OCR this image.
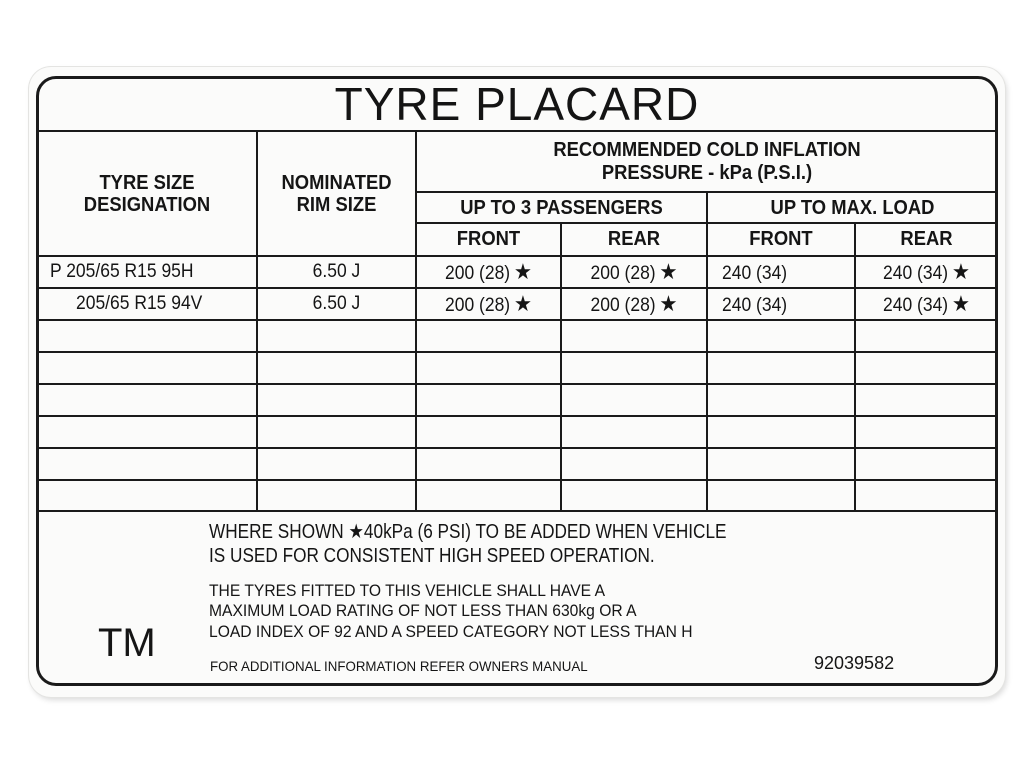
TYRE PLACARD
TYRE SIZE
DESIGNATION
NOMINATED
RIM SIZE
RECOMMENDED COLD INFLATION
PRESSURE - kPa (P.S.I.)
UP TO 3 PASSENGERS	UP TO MAX. LOAD
FRONT	REAR	FRONT	REAR
P 205/65 R15 95H	6.50 J	200 (28) ★	200 (28) ★	240 (34)	240 (34) ★
205/65 R15 94V	6.50 J	200 (28) ★	200 (28) ★	240 (34)	240 (34) ★
WHERE SHOWN ★40kPa (6 PSI) TO BE ADDED WHEN VEHICLE
IS USED FOR CONSISTENT HIGH SPEED OPERATION.
THE TYRES FITTED TO THIS VEHICLE SHALL HAVE A
MAXIMUM LOAD RATING OF NOT LESS THAN 630kg OR A
LOAD INDEX OF 92 AND A SPEED CATEGORY NOT LESS THAN H
TM
FOR ADDITIONAL INFORMATION REFER OWNERS MANUAL	92039582
